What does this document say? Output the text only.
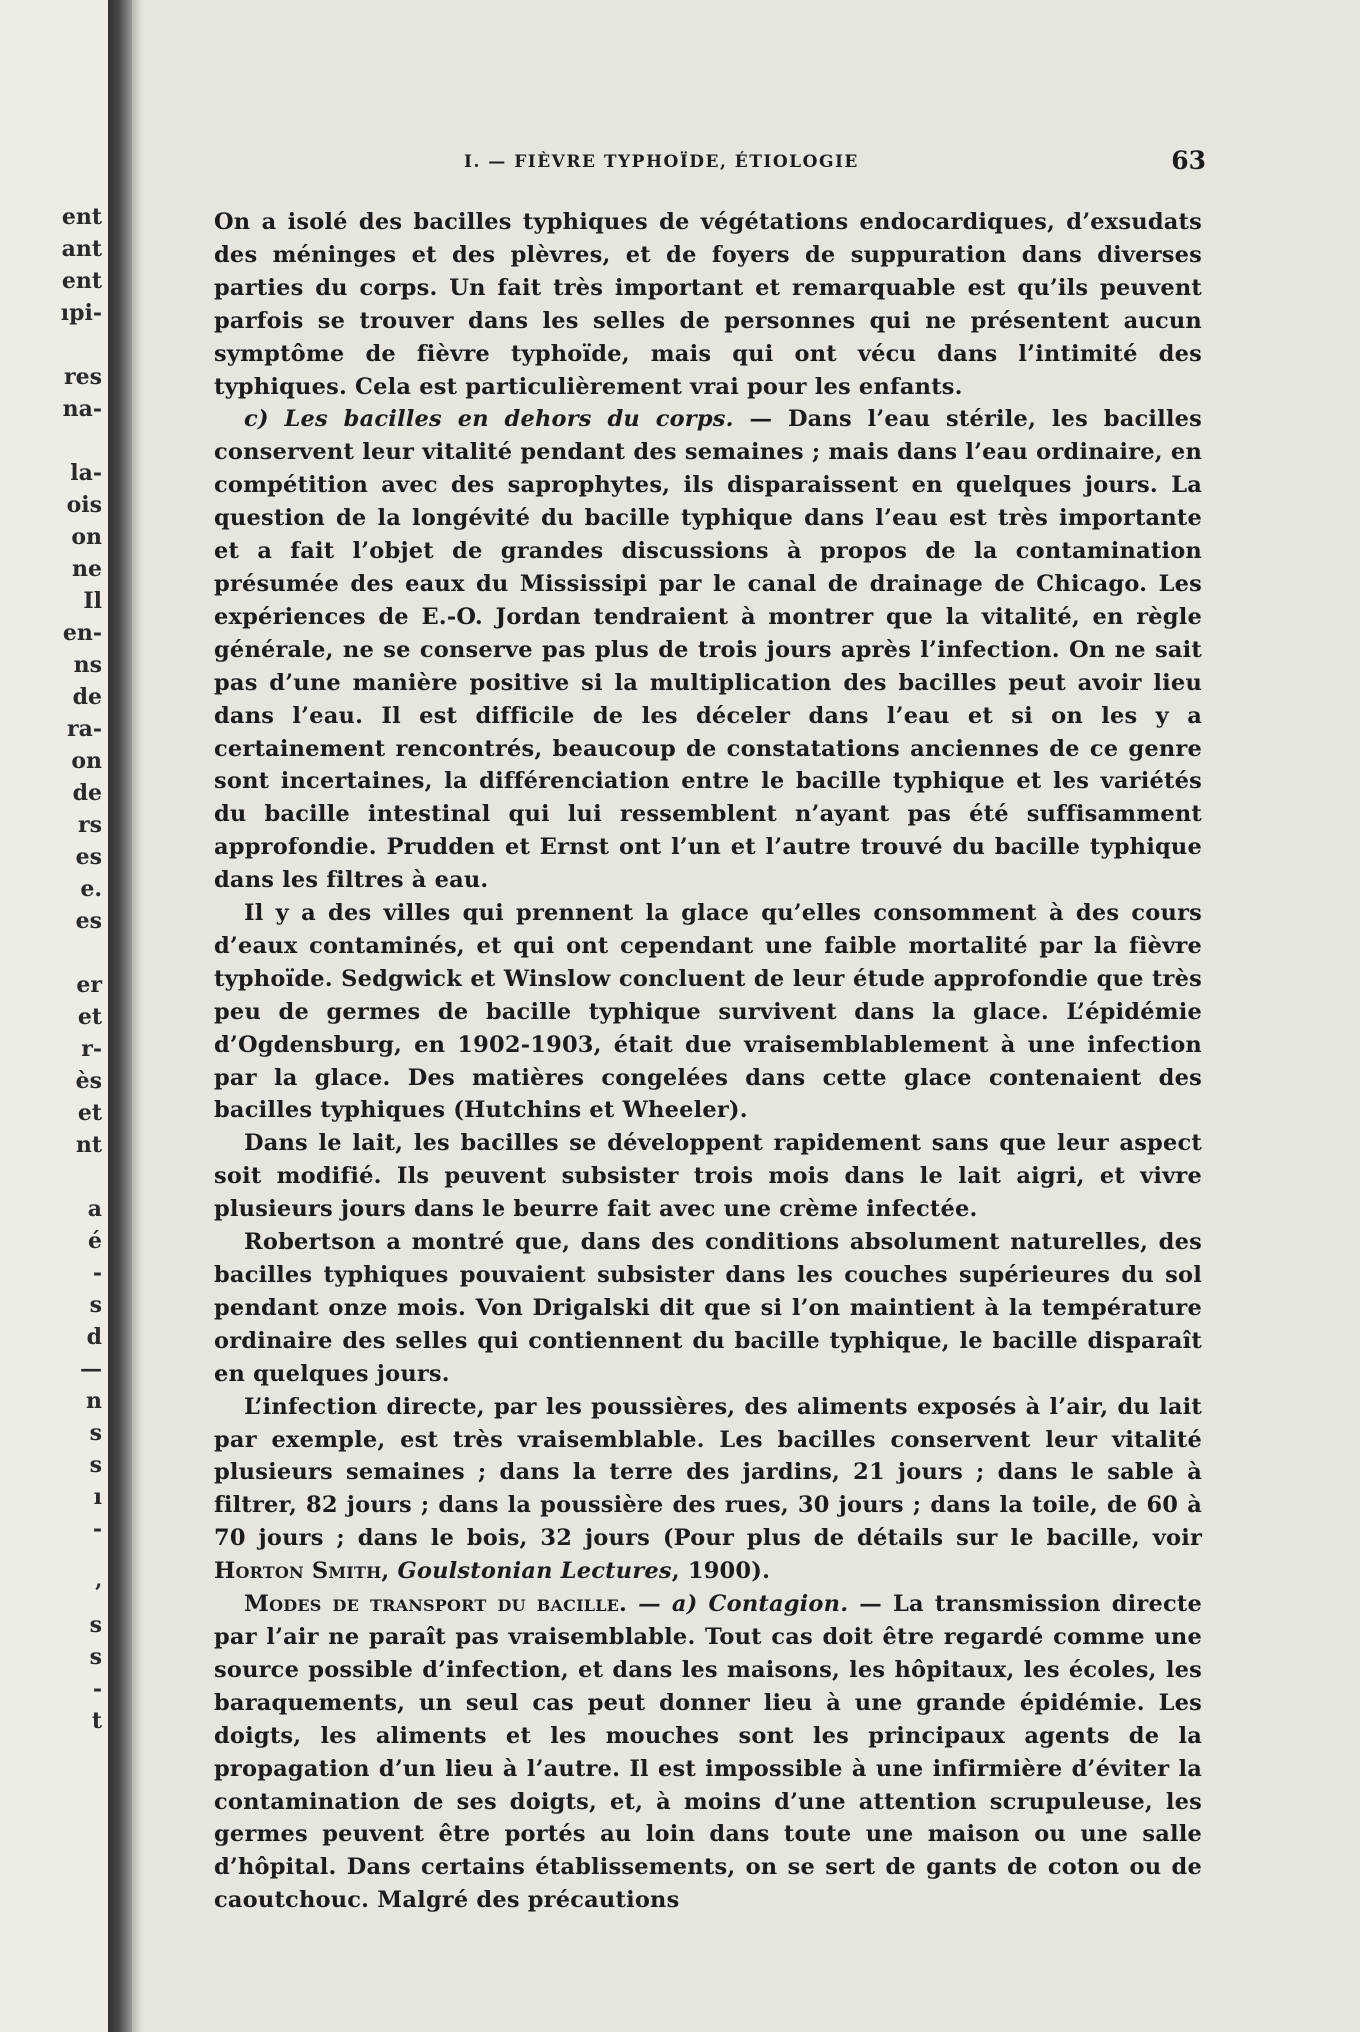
ent
ant
ent
ıpi-
res
na-
la-
ois
on
ne
Il
en-
ns
de
ra-
on
de
rs
es
e.
es
er
et
r-
ès
et
nt
a
é
-
s
d
—
n
s
s
ı
-
’
s
s
-
t
I. — FIÈVRE TYPHOÏDE, ÉTIOLOGIE	63

On a isolé des bacilles typhiques de végétations endocardiques, d’exsudats des méninges et des plèvres, et de foyers de suppuration dans diverses parties du corps. Un fait très important et remarquable est qu’ils peuvent parfois se trouver dans les selles de personnes qui ne présentent aucun symptôme de fièvre typhoïde, mais qui ont vécu dans l’intimité des typhiques. Cela est particulièrement vrai pour les enfants.

c) Les bacilles en dehors du corps. — Dans l’eau stérile, les bacilles conservent leur vitalité pendant des semaines ; mais dans l’eau ordinaire, en compétition avec des saprophytes, ils disparaissent en quelques jours. La question de la longévité du bacille typhique dans l’eau est très importante et a fait l’objet de grandes discussions à propos de la contamination présumée des eaux du Mississipi par le canal de drainage de Chicago. Les expériences de E.-O. Jordan tendraient à montrer que la vitalité, en règle générale, ne se conserve pas plus de trois jours après l’infection. On ne sait pas d’une manière positive si la multiplication des bacilles peut avoir lieu dans l’eau. Il est difficile de les déceler dans l’eau et si on les y a certainement rencontrés, beaucoup de constatations anciennes de ce genre sont incertaines, la différenciation entre le bacille typhique et les variétés du bacille intestinal qui lui ressemblent n’ayant pas été suffisamment approfondie. Prudden et Ernst ont l’un et l’autre trouvé du bacille typhique dans les filtres à eau.

Il y a des villes qui prennent la glace qu’elles consomment à des cours d’eaux contaminés, et qui ont cependant une faible mortalité par la fièvre typhoïde. Sedgwick et Winslow concluent de leur étude approfondie que très peu de germes de bacille typhique survivent dans la glace. L’épidémie d’Ogdensburg, en 1902-1903, était due vraisemblablement à une infection par la glace. Des matières congelées dans cette glace contenaient des bacilles typhiques (Hutchins et Wheeler).

Dans le lait, les bacilles se développent rapidement sans que leur aspect soit modifié. Ils peuvent subsister trois mois dans le lait aigri, et vivre plusieurs jours dans le beurre fait avec une crème infectée.

Robertson a montré que, dans des conditions absolument naturelles, des bacilles typhiques pouvaient subsister dans les couches supérieures du sol pendant onze mois. Von Drigalski dit que si l’on maintient à la température ordinaire des selles qui contiennent du bacille typhique, le bacille disparaît en quelques jours.

L’infection directe, par les poussières, des aliments exposés à l’air, du lait par exemple, est très vraisemblable. Les bacilles conservent leur vitalité plusieurs semaines ; dans la terre des jardins, 21 jours ; dans le sable à filtrer, 82 jours ; dans la poussière des rues, 30 jours ; dans la toile, de 60 à 70 jours ; dans le bois, 32 jours (Pour plus de détails sur le bacille, voir Horton Smith, Goulstonian Lectures, 1900).

Modes de transport du bacille. — a) Contagion. — La transmission directe par l’air ne paraît pas vraisemblable. Tout cas doit être regardé comme une source possible d’infection, et dans les maisons, les hôpitaux, les écoles, les baraquements, un seul cas peut donner lieu à une grande épidémie. Les doigts, les aliments et les mouches sont les principaux agents de la propagation d’un lieu à l’autre. Il est impossible à une infirmière d’éviter la contamination de ses doigts, et, à moins d’une attention scrupuleuse, les germes peuvent être portés au loin dans toute une maison ou une salle d’hôpital. Dans certains établissements, on se sert de gants de coton ou de caoutchouc. Malgré des précautions
